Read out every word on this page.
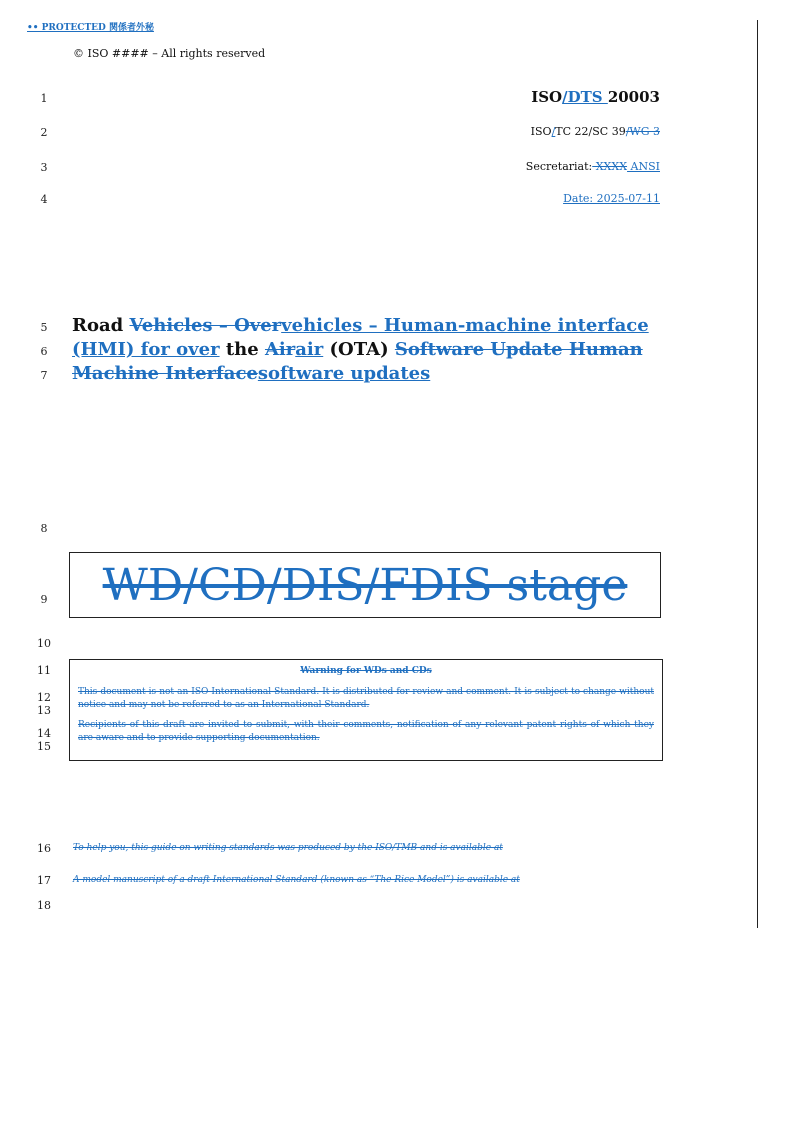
•• PROTECTED 関係者外秘
© ISO #### – All rights reserved
1
2
3
4
5
6
7
8
9
10
11
12
13
14
15
16
17
18
ISO/DTS 20003
ISO/TC 22/SC 39/WG 3
Secretariat: XXXX ANSI
Date: 2025-07-11
Road Vehicles – Overvehicles – Human-machine interface (HMI) for over the Airair (OTA) Software Update Human Machine Interfacesoftware updates
WD/CD/DIS/FDIS stage
Warning for WDs and CDs
This document is not an ISO International Standard. It is distributed for review and comment. It is subject to change without notice and may not be referred to as an International Standard.
Recipients of this draft are invited to submit, with their comments, notification of any relevant patent rights of which they are aware and to provide supporting documentation.
To help you, this guide on writing standards was produced by the ISO/TMB and is available at
A model manuscript of a draft International Standard (known as “The Rice Model”) is available at
